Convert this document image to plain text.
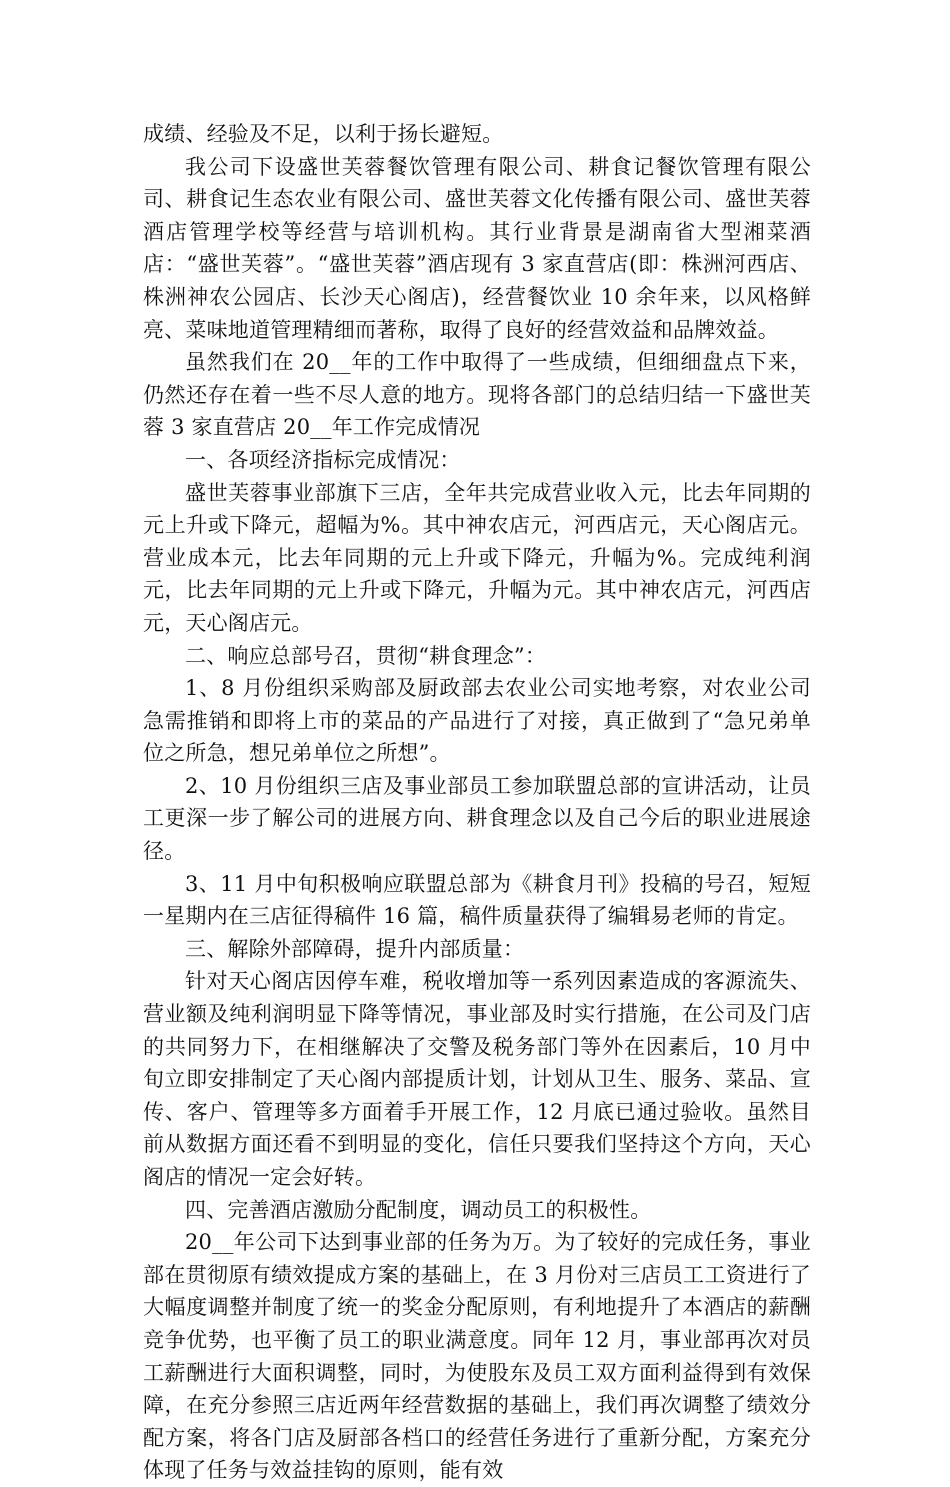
成绩、经验及不足，以利于扬长避短。

我公司下设盛世芙蓉餐饮管理有限公司、耕食记餐饮管理有限公司、耕食记生态农业有限公司、盛世芙蓉文化传播有限公司、盛世芙蓉酒店管理学校等经营与培训机构。其行业背景是湖南省大型湘菜酒店：“盛世芙蓉”。“盛世芙蓉”酒店现有 3 家直营店(即：株洲河西店、株洲神农公园店、长沙天心阁店)，经营餐饮业 10 余年来，以风格鲜亮、菜味地道管理精细而著称，取得了良好的经营效益和品牌效益。

虽然我们在 20__年的工作中取得了一些成绩，但细细盘点下来，仍然还存在着一些不尽人意的地方。现将各部门的总结归结一下盛世芙蓉 3 家直营店 20__年工作完成情况

一、各项经济指标完成情况：

盛世芙蓉事业部旗下三店，全年共完成营业收入元，比去年同期的元上升或下降元，超幅为%。其中神农店元，河西店元，天心阁店元。营业成本元，比去年同期的元上升或下降元，升幅为%。完成纯利润元，比去年同期的元上升或下降元，升幅为元。其中神农店元，河西店元，天心阁店元。

二、响应总部号召，贯彻“耕食理念”：

1、8 月份组织采购部及厨政部去农业公司实地考察，对农业公司急需推销和即将上市的菜品的产品进行了对接，真正做到了“急兄弟单位之所急，想兄弟单位之所想”。

2、10 月份组织三店及事业部员工参加联盟总部的宣讲活动，让员工更深一步了解公司的进展方向、耕食理念以及自己今后的职业进展途径。

3、11 月中旬积极响应联盟总部为《耕食月刊》投稿的号召，短短一星期内在三店征得稿件 16 篇，稿件质量获得了编辑易老师的肯定。

三、解除外部障碍，提升内部质量：

针对天心阁店因停车难，税收增加等一系列因素造成的客源流失、营业额及纯利润明显下降等情况，事业部及时实行措施，在公司及门店的共同努力下，在相继解决了交警及税务部门等外在因素后，10 月中旬立即安排制定了天心阁内部提质计划，计划从卫生、服务、菜品、宣传、客户、管理等多方面着手开展工作，12 月底已通过验收。虽然目前从数据方面还看不到明显的变化，信任只要我们坚持这个方向，天心阁店的情况一定会好转。

四、完善酒店激励分配制度，调动员工的积极性。

20__年公司下达到事业部的任务为万。为了较好的完成任务，事业部在贯彻原有绩效提成方案的基础上，在 3 月份对三店员工工资进行了大幅度调整并制度了统一的奖金分配原则，有利地提升了本酒店的薪酬竞争优势，也平衡了员工的职业满意度。同年 12 月，事业部再次对员工薪酬进行大面积调整，同时，为使股东及员工双方面利益得到有效保障，在充分参照三店近两年经营数据的基础上，我们再次调整了绩效分配方案，将各门店及厨部各档口的经营任务进行了重新分配，方案充分体现了任务与效益挂钩的原则，能有效
